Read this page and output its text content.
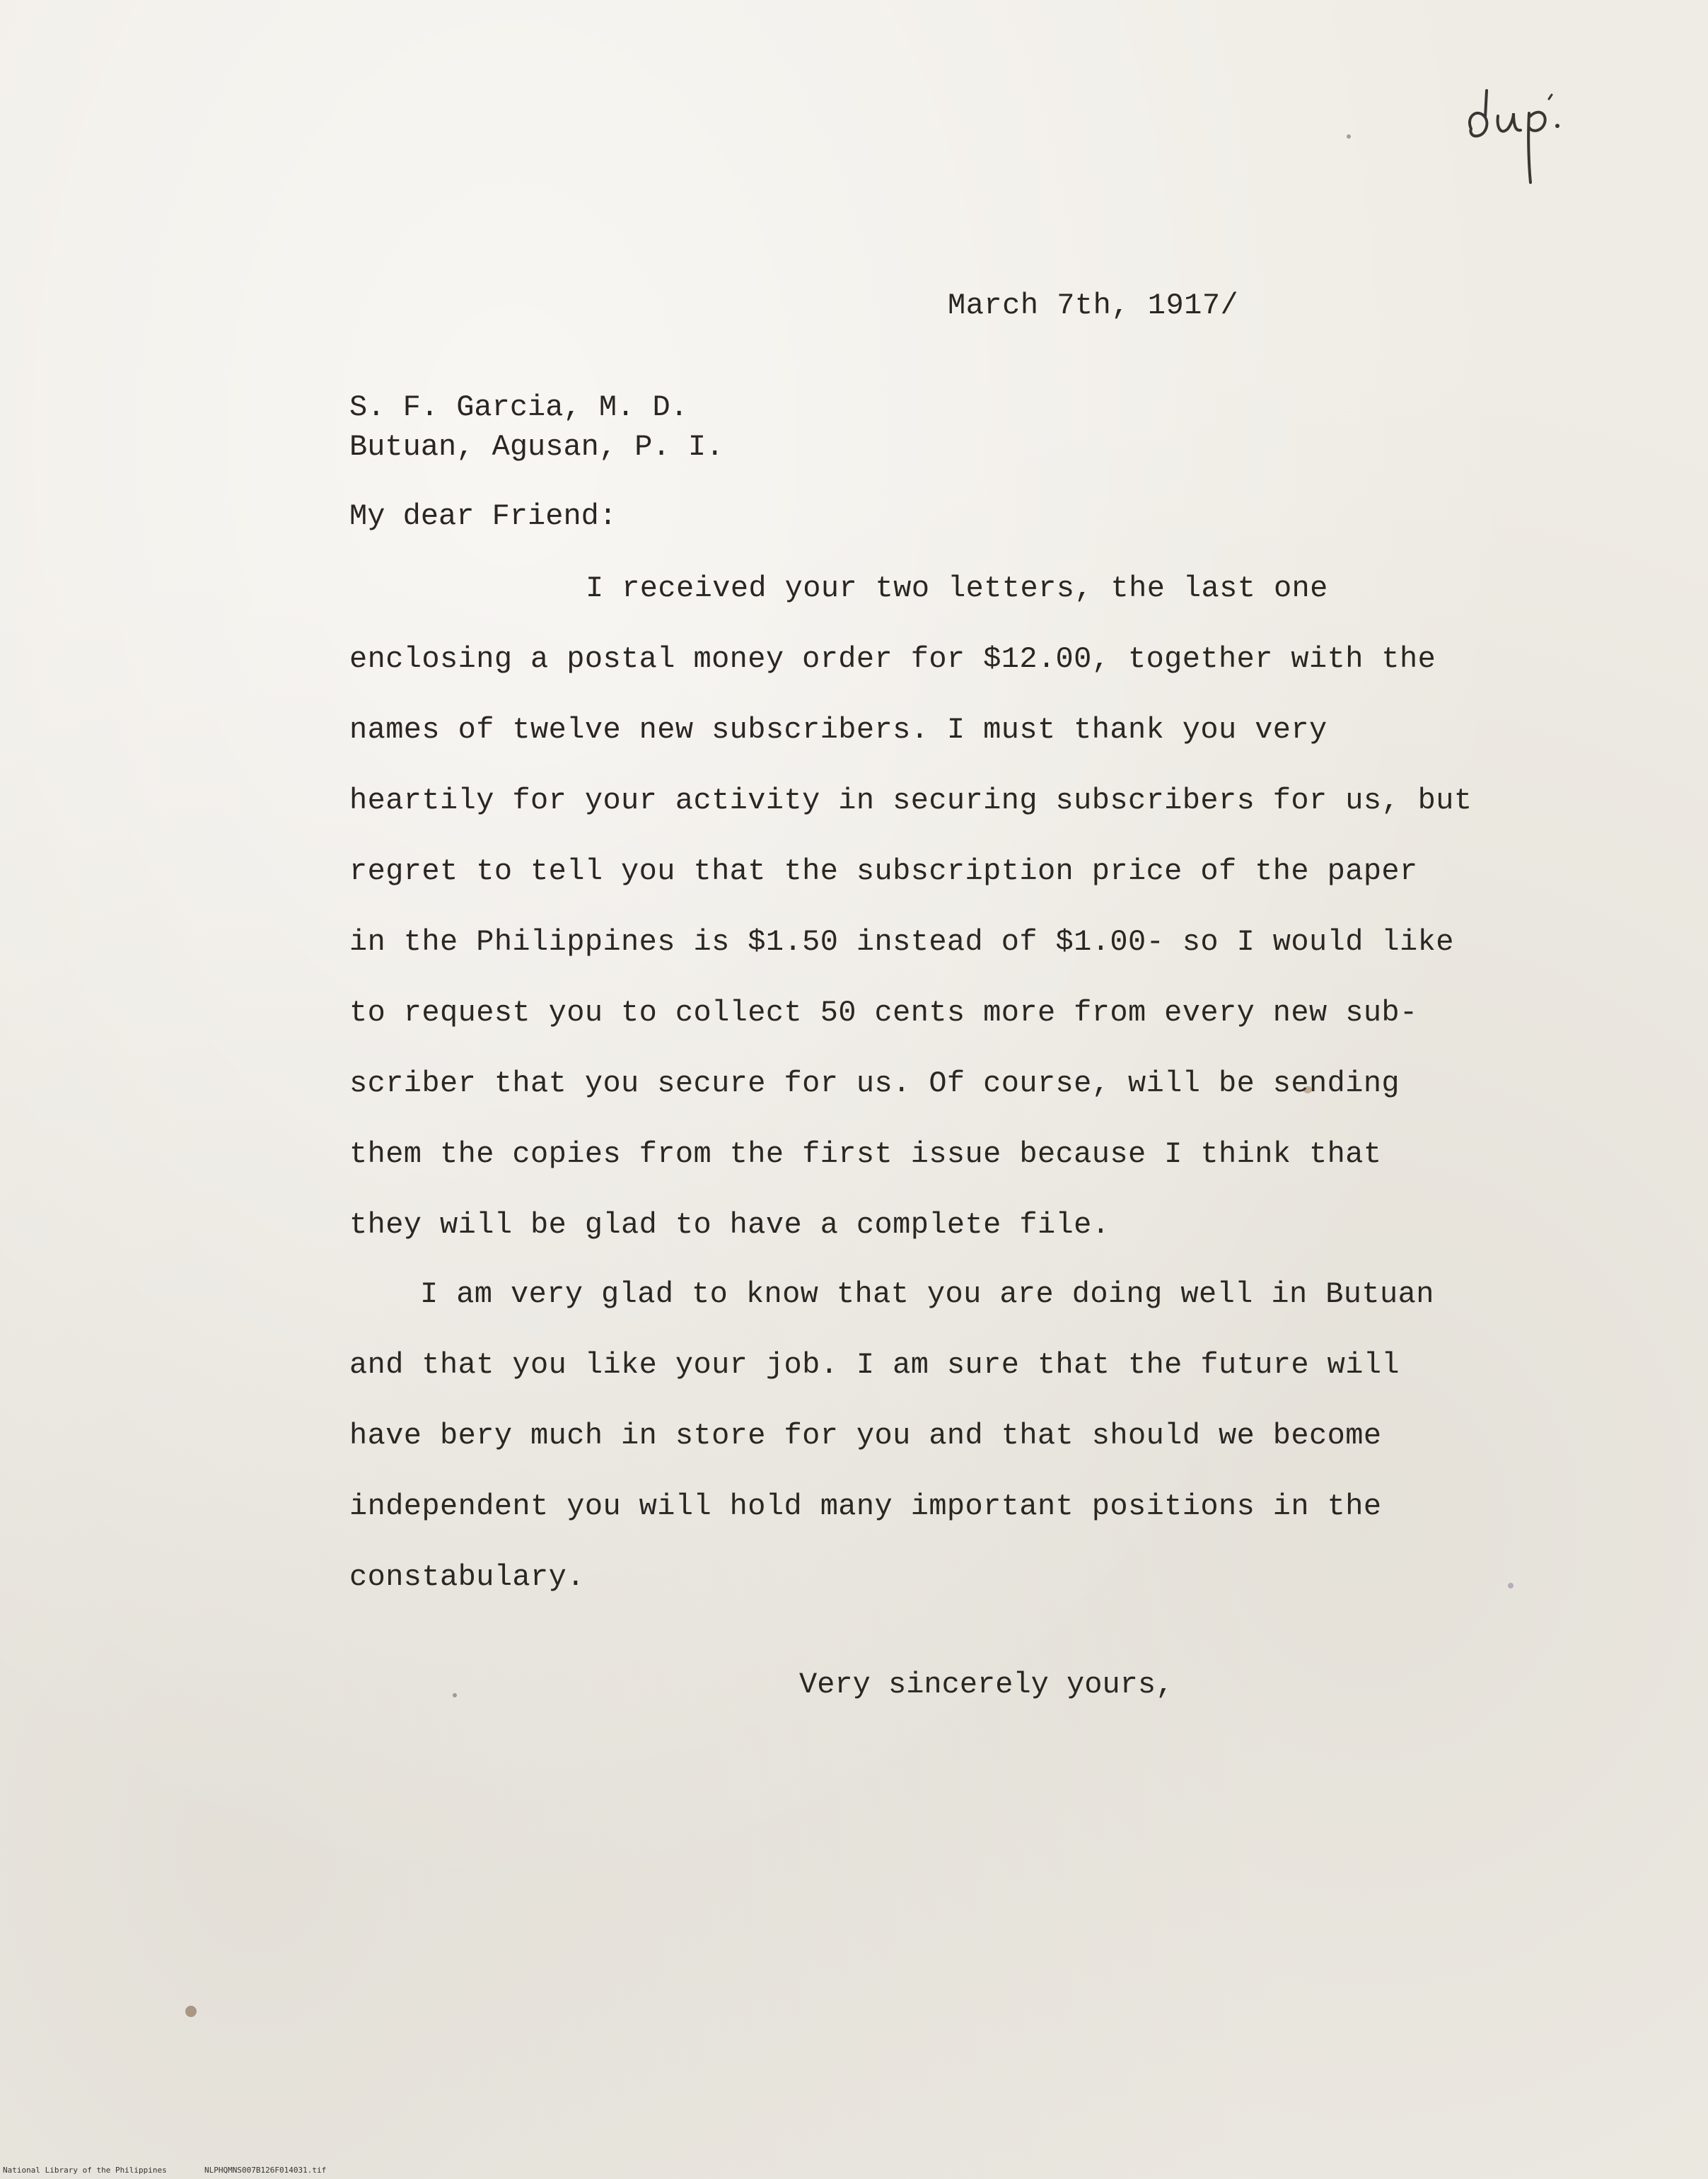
March 7th, 1917/
S. F. Garcia, M. D.
Butuan, Agusan, P. I.
My dear Friend:
I received your two letters, the last one
enclosing a postal money order for $12.00, together with the
names of twelve new subscribers. I must thank you very
heartily for your activity in securing subscribers for us, but
regret to tell you that the subscription price of the paper
in the Philippines is $1.50 instead of $1.00- so I would like
to request you to collect 50 cents more from every new sub-
scriber that you secure for us. Of course, will be sending
them the copies from the first issue because I think that
they will be glad to have a complete file.
I am very glad to know that you are doing well in Butuan
and that you like your job. I am sure that the future will
have bery much in store for you and that should we become
independent you will hold many important positions in the
constabulary.
Very sincerely yours,
National Library of the Philippines	NLPHQMNS007B126F014031.tif
